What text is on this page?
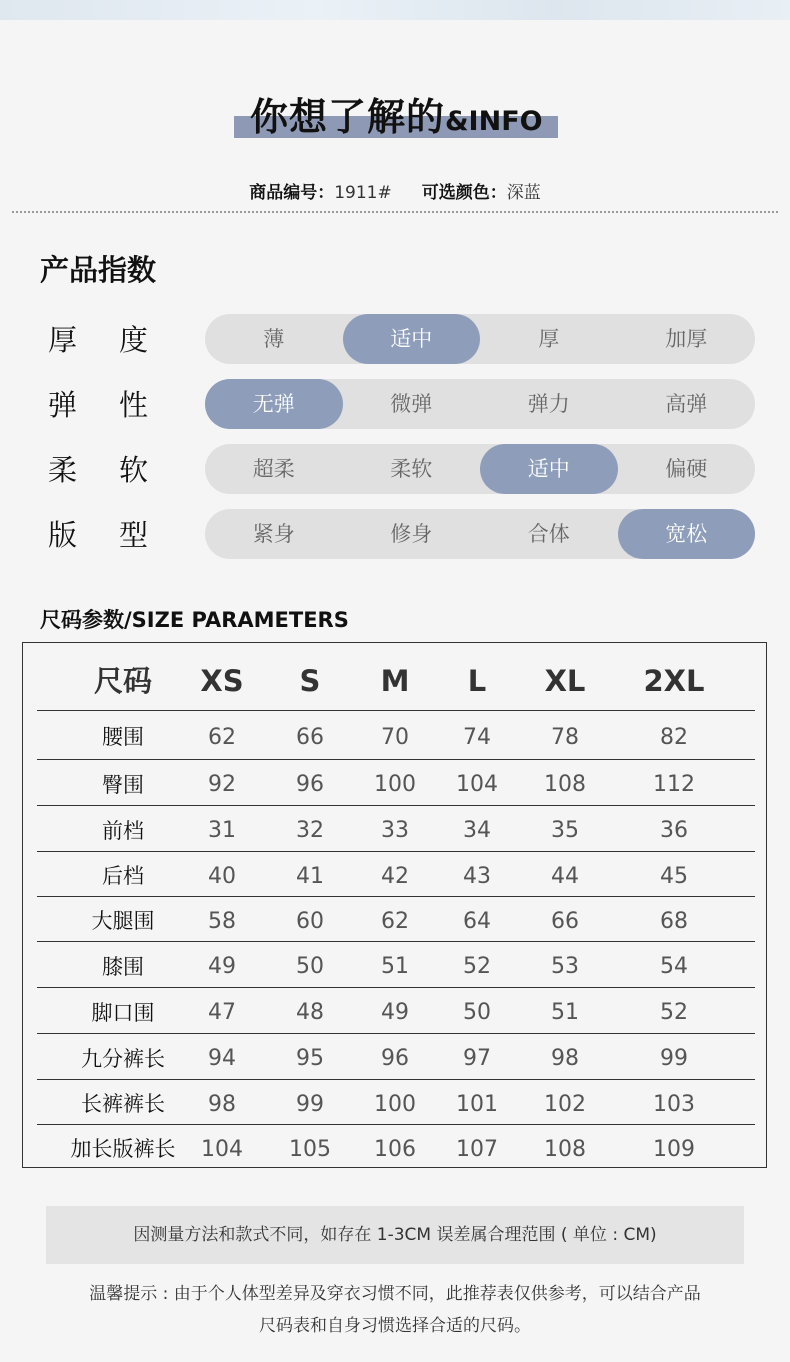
你想了解的&INFO
商品编号：1911# 可选颜色：深蓝
产品指数
厚 度	薄	适中	厚	加厚
弹 性	无弹	微弹	弹力	高弹
柔 软	超柔	柔软	适中	偏硬
版 型	紧身	修身	合体	宽松
尺码参数/SIZE PARAMETERS
尺码	XS	S	M	L	XL	2XL
腰围	62	66	70	74	78	82
臀围	92	96	100	104	108	112
前档	31	32	33	34	35	36
后档	40	41	42	43	44	45
大腿围	58	60	62	64	66	68
膝围	49	50	51	52	53	54
脚口围	47	48	49	50	51	52
九分裤长	94	95	96	97	98	99
长裤裤长	98	99	100	101	102	103
加长版裤长	104	105	106	107	108	109
因测量方法和款式不同，如存在 1-3CM 误差属合理范围 ( 单位 : CM)
温馨提示 : 由于个人体型差异及穿衣习惯不同，此推荐表仅供参考，可以结合产品
尺码表和自身习惯选择合适的尺码。
